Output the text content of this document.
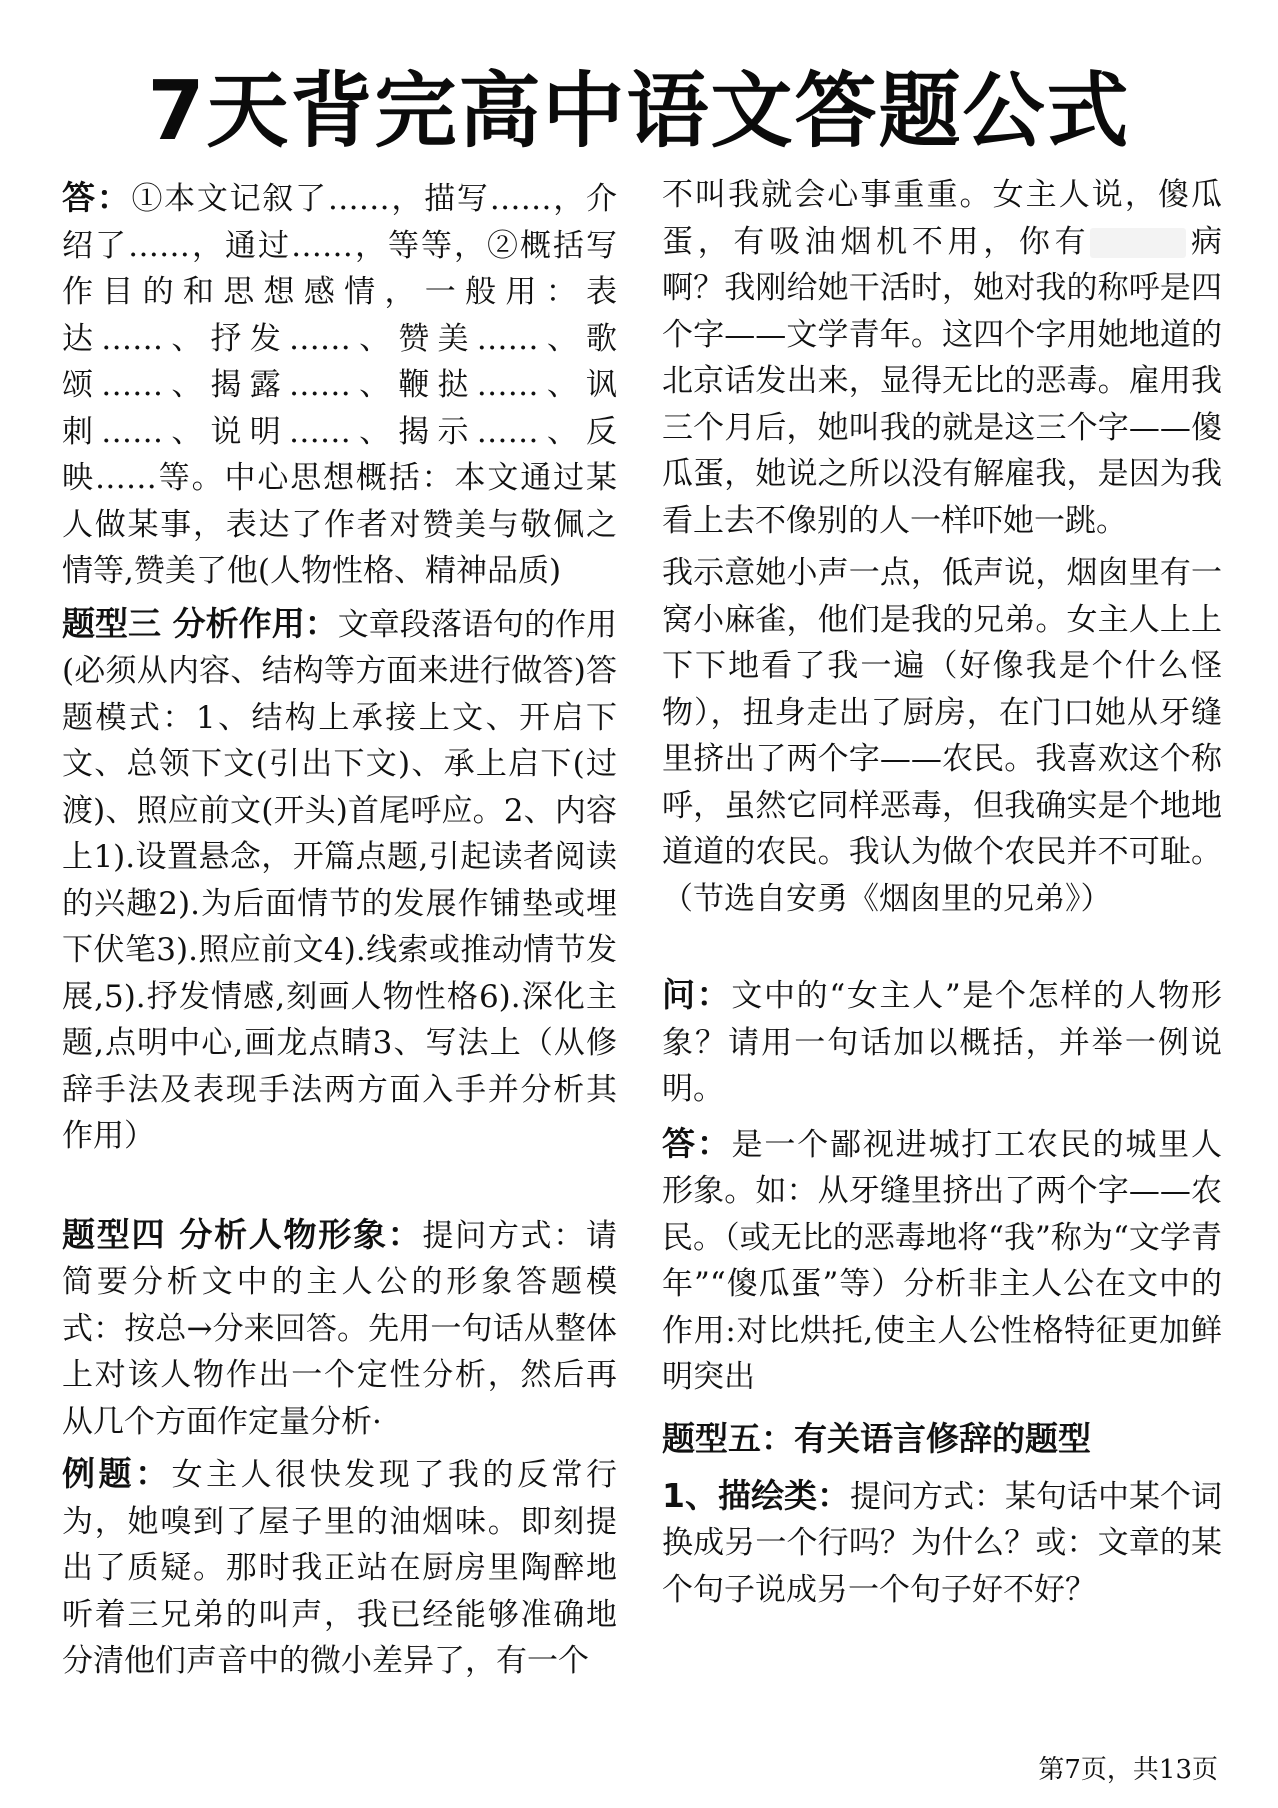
7天背完高中语文答题公式

答：①本文记叙了……，描写……，介绍了……，通过……，等等，②概括写作目的和思想感情，一般用：表达……、抒发……、赞美……、歌颂……、揭露……、鞭挞……、讽刺……、说明……、揭示……、反映……等。中心思想概括：本文通过某人做某事，表达了作者对赞美与敬佩之情等,赞美了他(人物性格、精神品质)

题型三 分析作用：文章段落语句的作用(必须从内容、结构等方面来进行做答)答题模式：1、结构上承接上文、开启下文、总领下文(引出下文)、承上启下(过渡)、照应前文(开头)首尾呼应。2、内容上1).设置悬念，开篇点题,引起读者阅读的兴趣2).为后面情节的发展作铺垫或埋下伏笔3).照应前文4).线索或推动情节发展,5).抒发情感,刻画人物性格6).深化主题,点明中心,画龙点睛3、写法上（从修辞手法及表现手法两方面入手并分析其作用）

题型四 分析人物形象：提问方式：请简要分析文中的主人公的形象答题模式：按总→分来回答。先用一句话从整体上对该人物作出一个定性分析，然后再从几个方面作定量分析·

例题：女主人很快发现了我的反常行为，她嗅到了屋子里的油烟味。即刻提出了质疑。那时我正站在厨房里陶醉地听着三兄弟的叫声，我已经能够准确地分清他们声音中的微小差异了，有一个

不叫我就会心事重重。女主人说，傻瓜蛋，有吸油烟机不用，你有	病啊？我刚给她干活时，她对我的称呼是四个字——文学青年。这四个字用她地道的北京话发出来，显得无比的恶毒。雇用我三个月后，她叫我的就是这三个字——傻瓜蛋，她说之所以没有解雇我，是因为我看上去不像别的人一样吓她一跳。

我示意她小声一点，低声说，烟囱里有一窝小麻雀，他们是我的兄弟。女主人上上下下地看了我一遍（好像我是个什么怪物），扭身走出了厨房，在门口她从牙缝里挤出了两个字——农民。我喜欢这个称呼，虽然它同样恶毒，但我确实是个地地道道的农民。我认为做个农民并不可耻。（节选自安勇《烟囱里的兄弟》）

问：文中的“女主人”是个怎样的人物形象？请用一句话加以概括，并举一例说明。

答：是一个鄙视进城打工农民的城里人形象。如：从牙缝里挤出了两个字——农民。（或无比的恶毒地将“我”称为“文学青年”“傻瓜蛋”等）分析非主人公在文中的作用:对比烘托,使主人公性格特征更加鲜明突出

题型五：有关语言修辞的题型

1、描绘类：提问方式：某句话中某个词换成另一个行吗？为什么？或：文章的某个句子说成另一个句子好不好？

第7页，共13页
